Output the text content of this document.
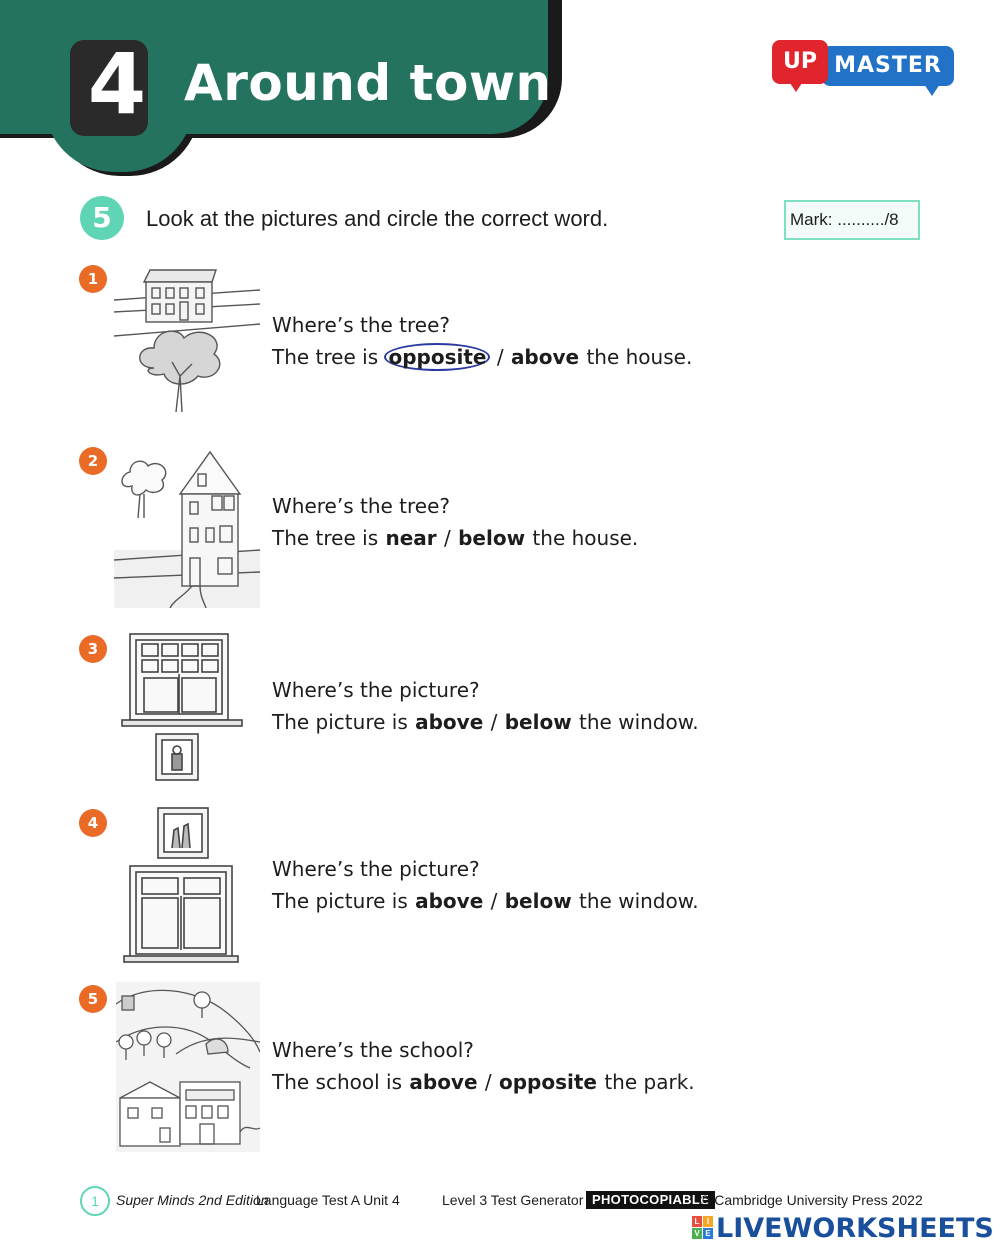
4 Around town	MASTER
UP
5	Look at the pictures and circle the correct word.	Mark: ........../8
1
Where’s the tree?
The tree is opposite / above the house.
2
Where’s the tree?
The tree is near / below the house.
3
Where’s the picture?
The picture is above / below the window.
4
Where’s the picture?
The picture is above / below the window.
5
Where’s the school?
The school is above / opposite the park.
1	Super Minds 2nd Edition
Language Test A Unit 4	Level 3 Test Generator PHOTOCOPIABLE
© Cambridge University Press 2022
L I
V E LIVEWORKSHEETS
